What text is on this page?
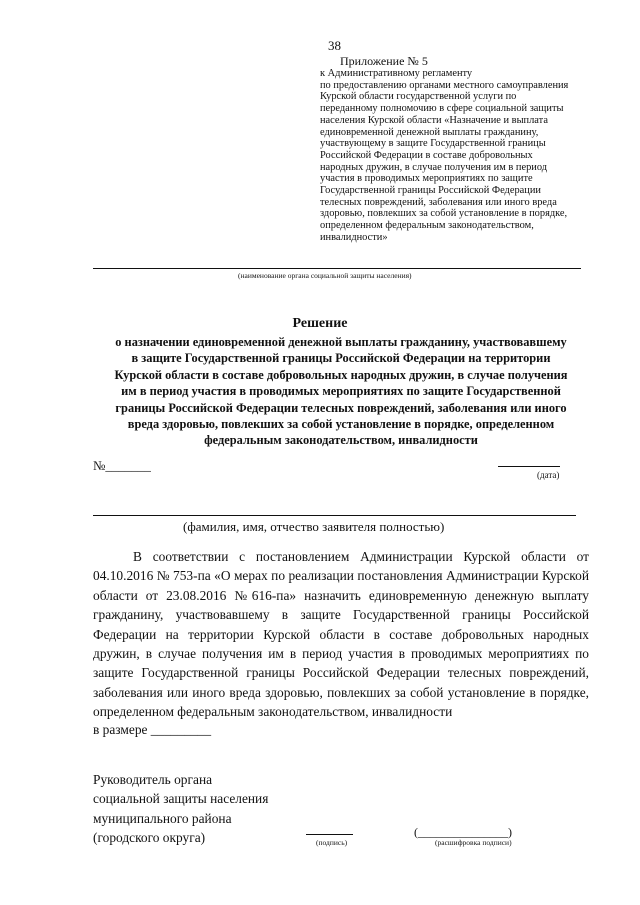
38
Приложение № 5
к Административному регламенту
по предоставлению органами местного самоуправления
Курской области государственной услуги по
переданному полномочию в сфере социальной защиты
населения Курской области «Назначение и выплата
единовременной денежной выплаты гражданину,
участвующему в защите Государственной границы
Российской Федерации в составе добровольных
народных дружин, в случае получения им в период
участия в проводимых мероприятиях по защите
Государственной границы Российской Федерации
телесных повреждений, заболевания или иного вреда
здоровью, повлекших за собой установление в порядке,
определенном федеральным законодательством,
инвалидности»
(наименование органа социальной защиты населения)
Решение
о назначении единовременной денежной выплаты гражданину, участвовавшему
в защите Государственной границы Российской Федерации на территории
Курской области в составе добровольных народных дружин, в случае получения
им в период участия в проводимых мероприятиях по защите Государственной
границы Российской Федерации телесных повреждений, заболевания или иного
вреда здоровью, повлекших за собой установление в порядке, определенном
федеральным законодательством, инвалидности
№_______
(дата)
(фамилия, имя, отчество заявителя полностью)
В соответствии с постановлением Администрации Курской области от 04.10.2016 № 753-па «О мерах по реализации постановления Администрации Курской области от 23.08.2016 №616-па» назначить единовременную денежную выплату гражданину, участвовавшему в защите Государственной границы Российской Федерации на территории Курской области в составе добровольных народных дружин, в случае получения им в период участия в проводимых мероприятиях по защите Государственной границы Российской Федерации телесных повреждений, заболевания или иного вреда здоровью, повлекших за собой установление в порядке, определенном федеральным законодательством, инвалидности
в размере _________
Руководитель органа
социальной защиты населения
муниципального района
(городского округа)	(подпись)
(_______________)
(расшифровка подписи)
